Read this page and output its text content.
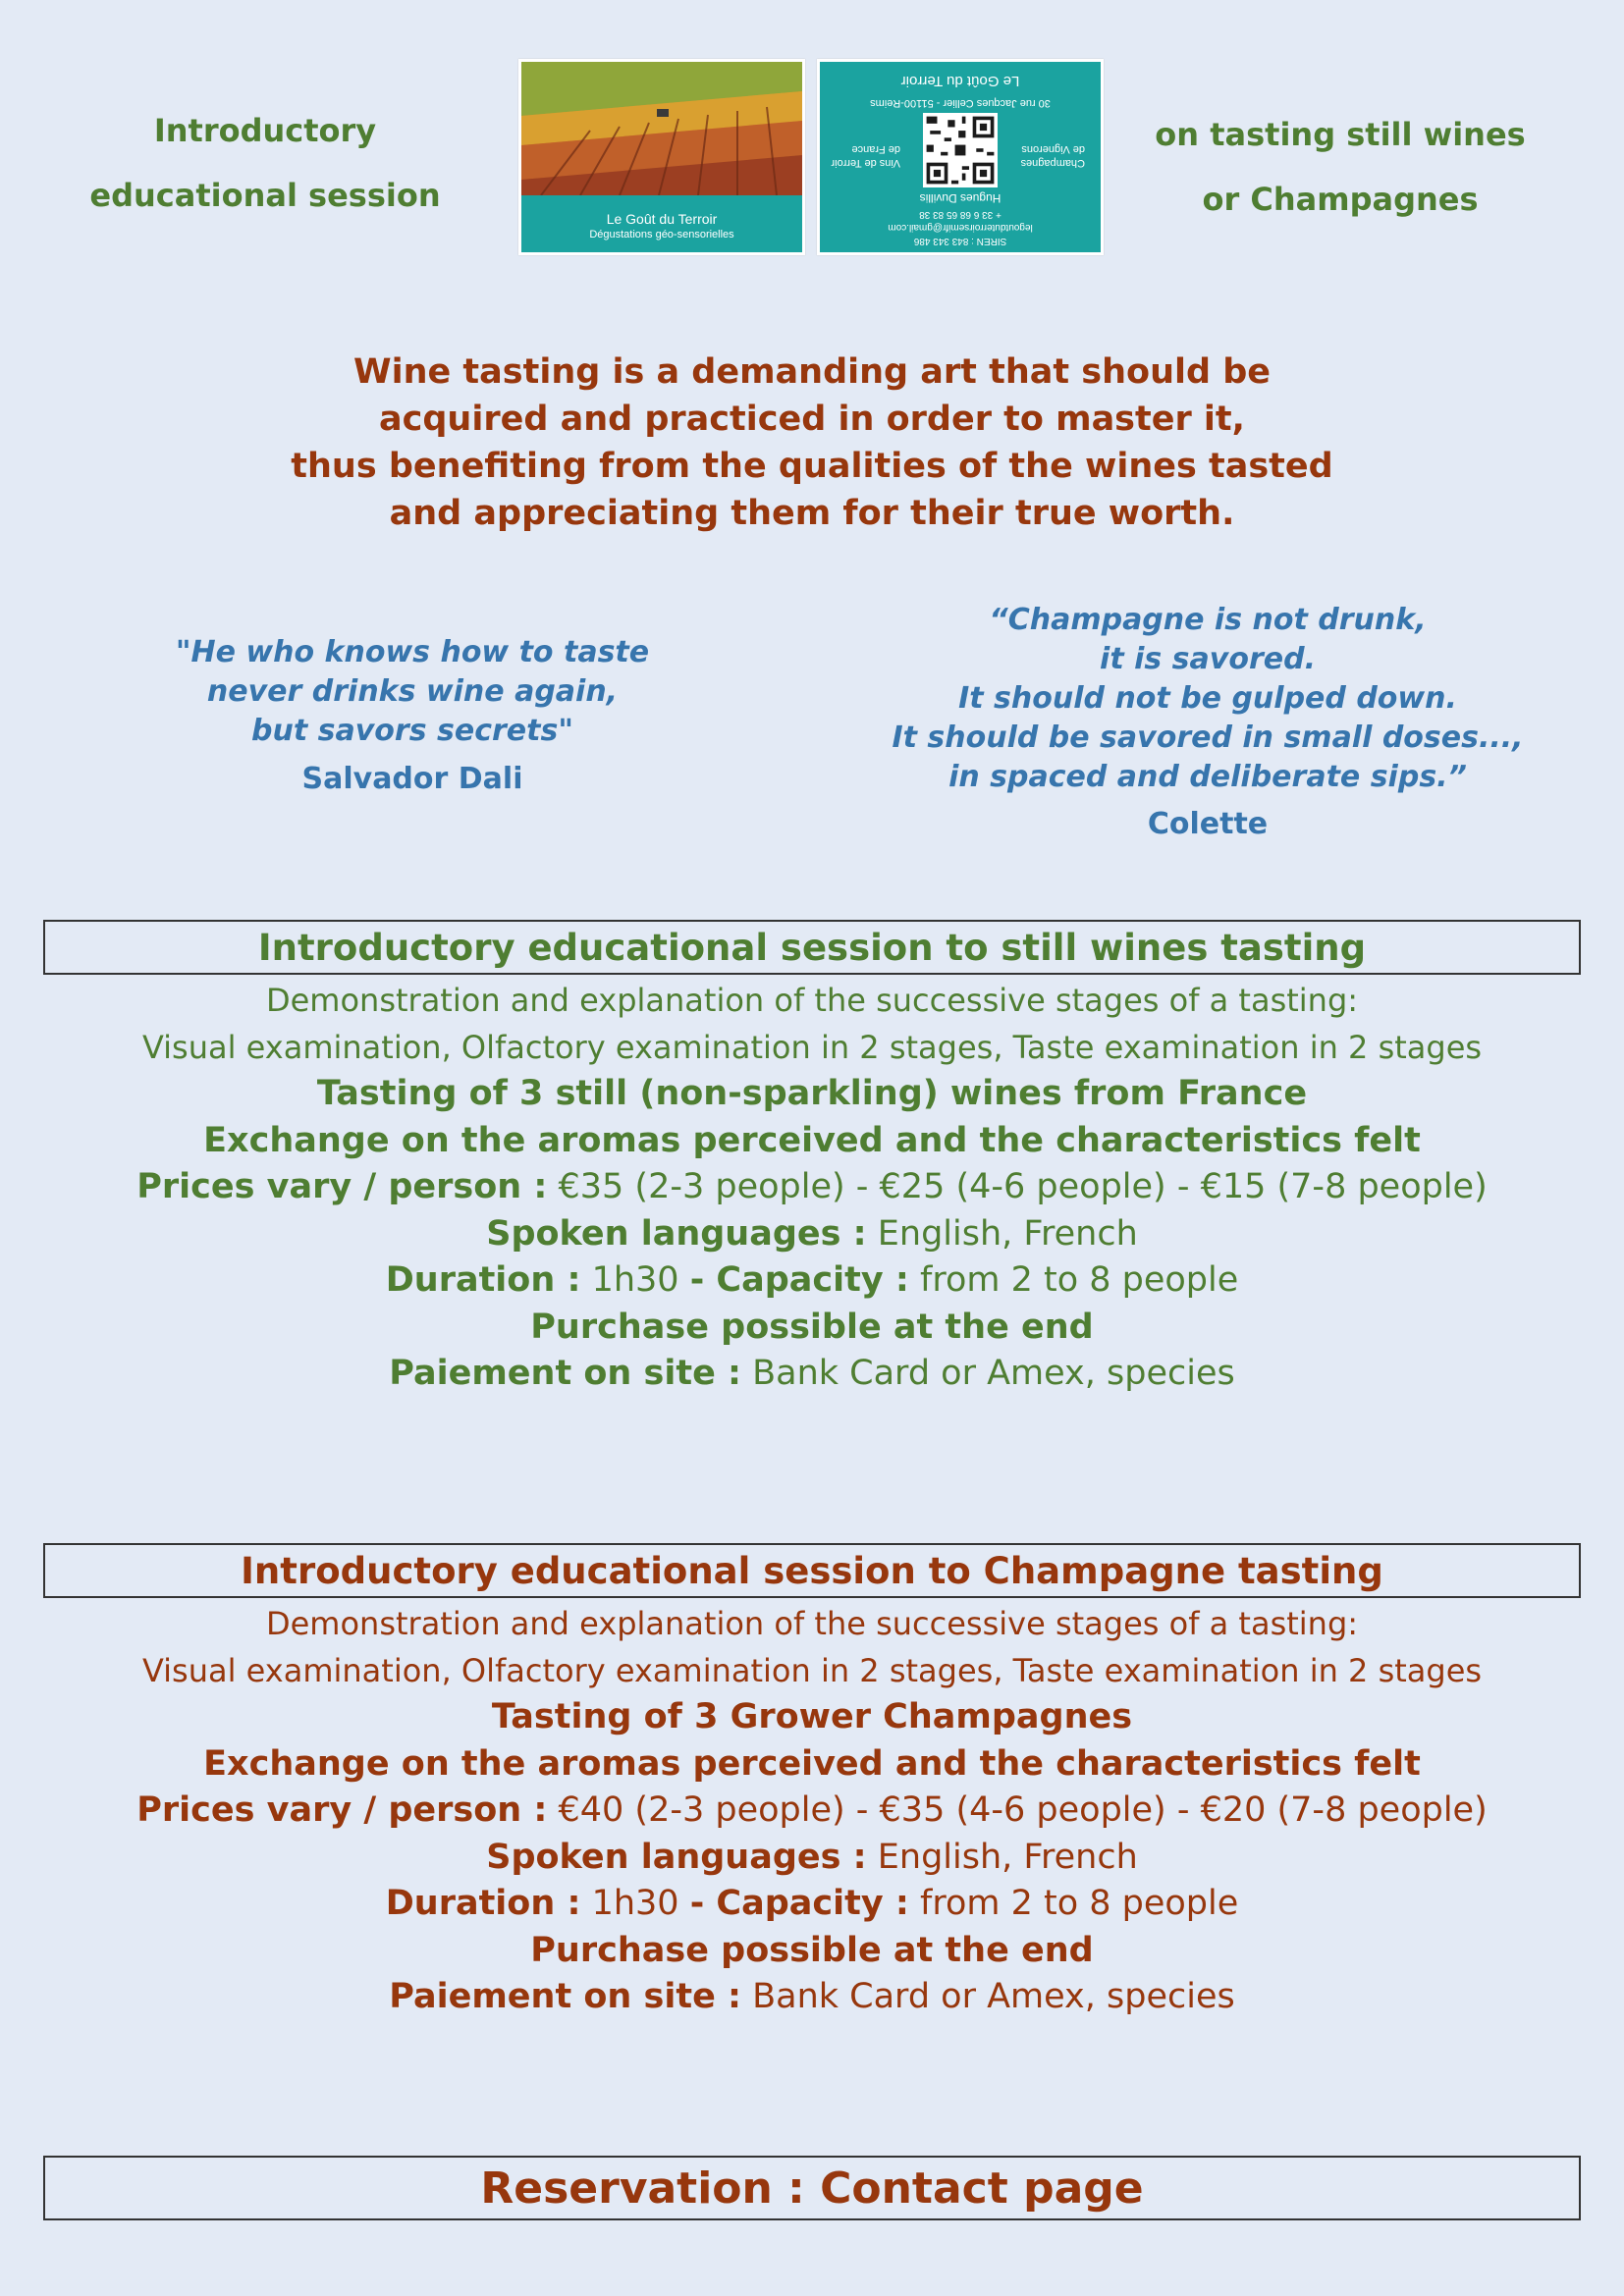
Introductory
educational session
Le Goût du Terroir
Dégustations géo-sensorielles
SIREN : 843 343 486
legoutduterroirsemifr@gmail.com
+ 33 6 68 65 83 38
Hugues Duvillis
Champagnes
de Vignerons
Vins de Terroir
de France
30 rue Jacques Cellier - 51100-Reims
Le Goût du Terroir
on tasting still wines
or Champagnes
Wine tasting is a demanding art that should be
acquired and practiced in order to master it,
thus benefiting from the qualities of the wines tasted
and appreciating them for their true worth.
"He who knows how to taste
never drinks wine again,
but savors secrets"
Salvador Dali
“Champagne is not drunk,
it is savored.
It should not be gulped down.
It should be savored in small doses...,
in spaced and deliberate sips.”
Colette
Introductory educational session to still wines tasting
Demonstration and explanation of the successive stages of a tasting:
Visual examination, Olfactory examination in 2 stages, Taste examination in 2 stages
Tasting of 3 still (non-sparkling) wines from France
Exchange on the aromas perceived and the characteristics felt
Prices vary / person : €35 (2-3 people) - €25 (4-6 people) - €15 (7-8 people)
Spoken languages : English, French
Duration : 1h30 - Capacity : from 2 to 8 people
Purchase possible at the end
Paiement on site : Bank Card or Amex, species
Introductory educational session to Champagne tasting
Demonstration and explanation of the successive stages of a tasting:
Visual examination, Olfactory examination in 2 stages, Taste examination in 2 stages
Tasting of 3 Grower Champagnes
Exchange on the aromas perceived and the characteristics felt
Prices vary / person : €40 (2-3 people) - €35 (4-6 people) - €20 (7-8 people)
Spoken languages : English, French
Duration : 1h30 - Capacity : from 2 to 8 people
Purchase possible at the end
Paiement on site : Bank Card or Amex, species
Reservation : Contact page
